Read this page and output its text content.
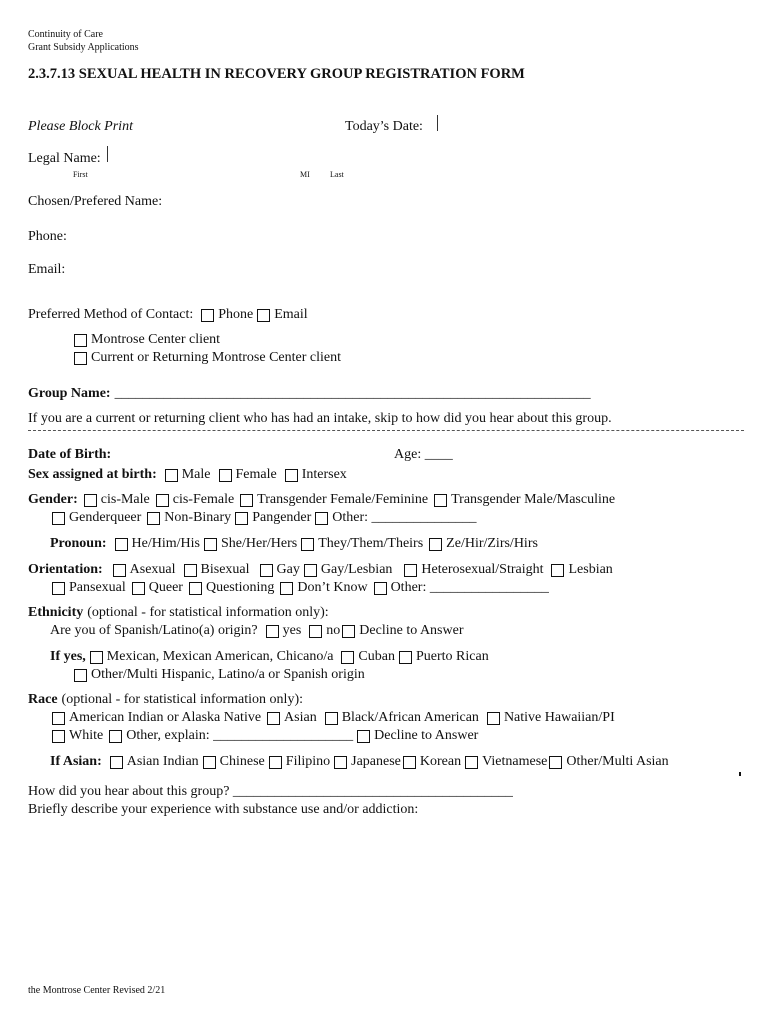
Continuity of Care
Grant Subsidy Applications
2.3.7.13 SEXUAL HEALTH IN RECOVERY GROUP REGISTRATION FORM
Please Block Print	Today’s Date:
Legal Name:
First	MI	Last
Chosen/Prefered Name:
Phone:
Email:
Preferred Method of Contact: Phone Email
Montrose Center client
Current or Returning Montrose Center client
Group Name: ____________________________________________________________________
If you are a current or returning client who has had an intake, skip to how did you hear about this group.
Date of Birth:	Age: ____
Sex assigned at birth: Male Female Intersex
Gender: cis-Male cis-Female Transgender Female/Feminine Transgender Male/Masculine
Genderqueer Non-Binary Pangender Other: _______________
Pronoun: He/Him/His She/Her/Hers They/Them/Theirs Ze/Hir/Zirs/Hirs
Orientation: Asexual Bisexual Gay Gay/Lesbian Heterosexual/Straight Lesbian
Pansexual Queer Questioning Don’t Know Other: _________________
Ethnicity (optional - for statistical information only):
Are you of Spanish/Latino(a) origin? yes no Decline to Answer
If yes, Mexican, Mexican American, Chicano/a Cuban Puerto Rican
Other/Multi Hispanic, Latino/a or Spanish origin
Race (optional - for statistical information only):
American Indian or Alaska Native Asian Black/African American Native Hawaiian/PI
White Other, explain: ____________________ Decline to Answer
If Asian: Asian Indian Chinese Filipino Japanese Korean Vietnamese Other/Multi Asian
How did you hear about this group? ________________________________________
Briefly describe your experience with substance use and/or addiction:
the Montrose Center Revised 2/21
